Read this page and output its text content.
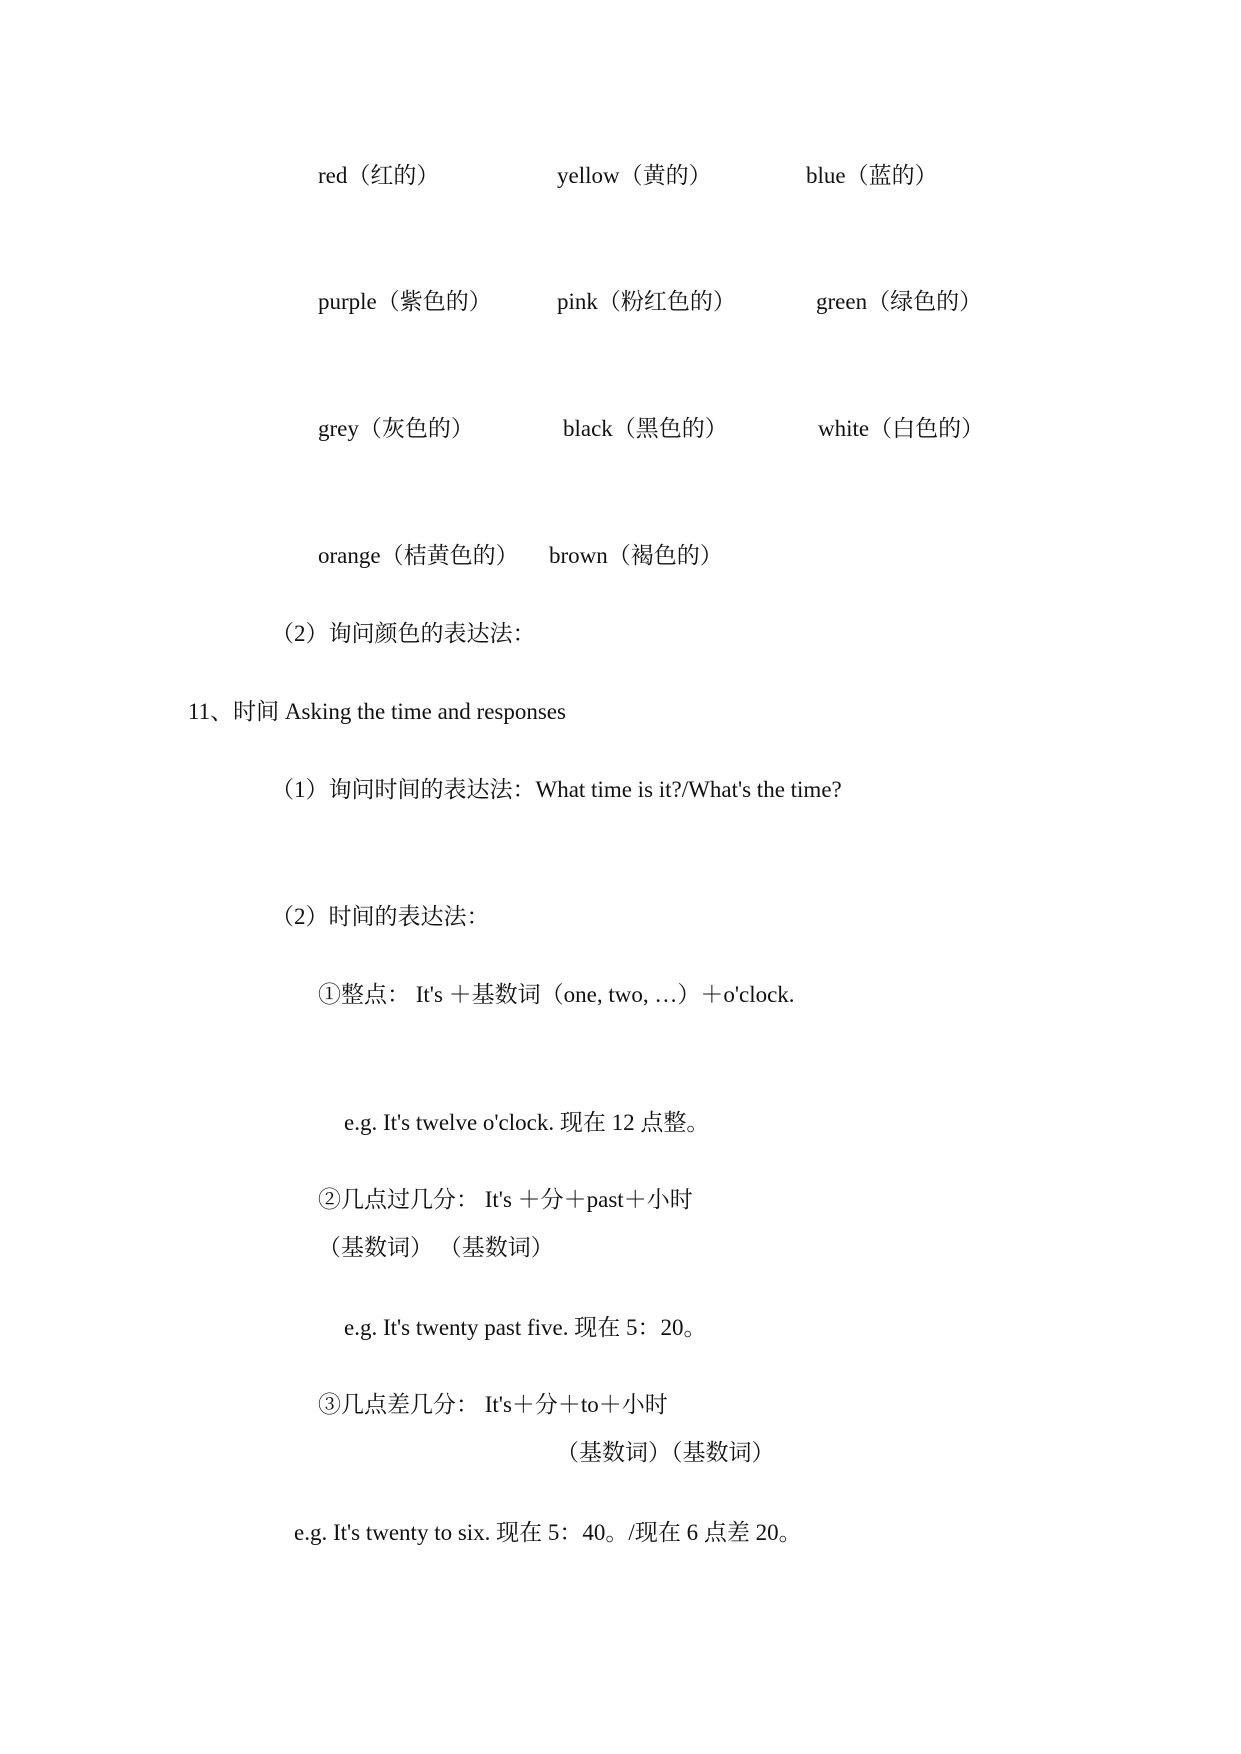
red（红的）	yellow（黄的）	blue（蓝的）
purple（紫色的）	pink（粉红色的）	green（绿色的）
grey（灰色的）	black（黑色的）	white（白色的）
orange（桔黄色的） brown（褐色的）
（2）询问颜色的表达法：
11、时间 Asking the time and responses
（1）询问时间的表达法：What time is it?/What's the time?
（2）时间的表达法：
①整点： It's ＋基数词（one, two, …）＋o'clock.
e.g. It's twelve o'clock. 现在 12 点整。
②几点过几分： It's ＋分＋past＋小时
（基数词） （基数词）
e.g. It's twenty past five. 现在 5：20。
③几点差几分： It's＋分＋to＋小时
（基数词）（基数词）
e.g. It's twenty to six. 现在 5：40。/现在 6 点差 20。
